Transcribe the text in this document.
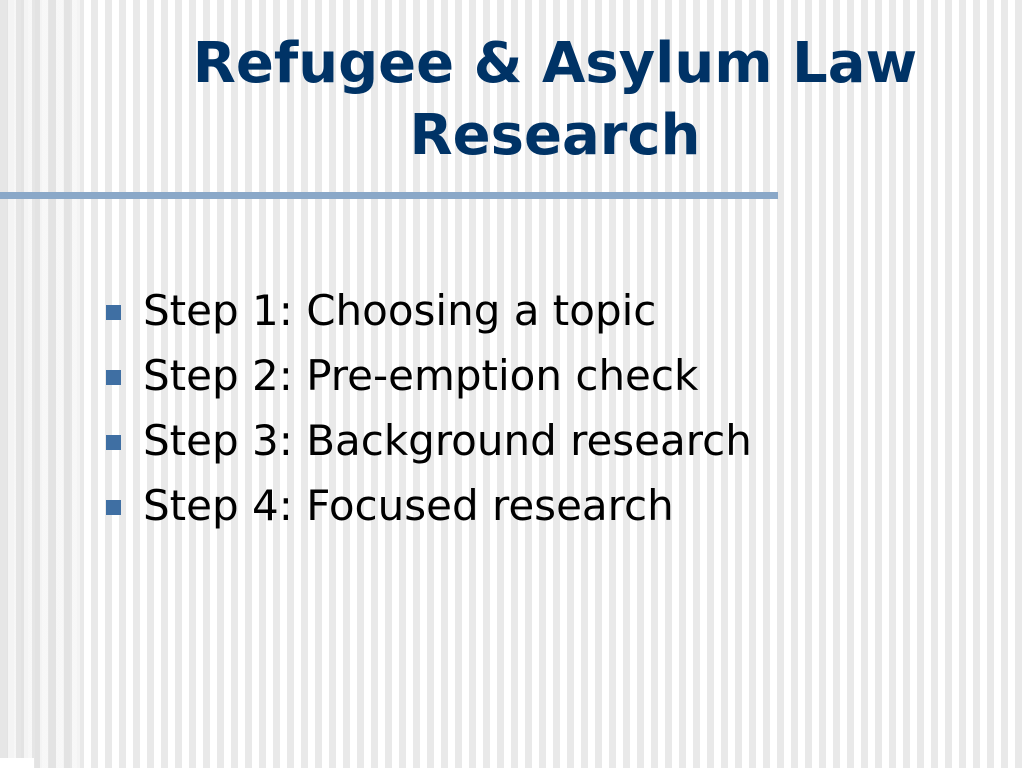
Refugee & Asylum Law Research
Step 1: Choosing a topic
Step 2: Pre-emption check
Step 3: Background research
Step 4: Focused research
